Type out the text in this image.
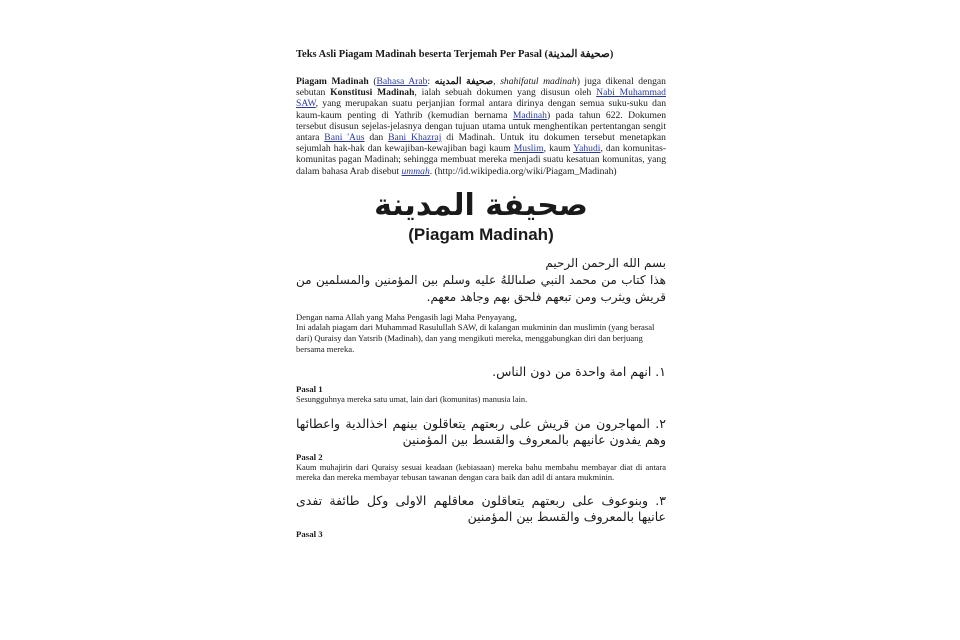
Teks Asli Piagam Madinah beserta Terjemah Per Pasal (صحيفة المدينة)

Piagam Madinah (Bahasa Arab: صحيفة المدينه, shahifatul madinah) juga dikenal dengan sebutan Konstitusi Madinah, ialah sebuah dokumen yang disusun oleh Nabi Muhammad SAW, yang merupakan suatu perjanjian formal antara dirinya dengan semua suku-suku dan kaum-kaum penting di Yathrib (kemudian bernama Madinah) pada tahun 622. Dokumen tersebut disusun sejelas-jelasnya dengan tujuan utama untuk menghentikan pertentangan sengit antara Bani 'Aus dan Bani Khazraj di Madinah. Untuk itu dokumen tersebut menetapkan sejumlah hak-hak dan kewajiban-kewajiban bagi kaum Muslim, kaum Yahudi, dan komunitas-komunitas pagan Madinah; sehingga membuat mereka menjadi suatu kesatuan komunitas, yang dalam bahasa Arab disebut ummah. (http://id.wikipedia.org/wiki/Piagam_Madinah)

صحيفة المدينة
(Piagam Madinah)

بسم الله الرحمن الرحيم

هذا كتاب من محمد النبي صلىاللهُ عليه وسلم بين المؤمنين والمسلمين من قريش ويثرب ومن تبعهم فلحق بهم وجاهد معهم.

Dengan nama Allah yang Maha Pengasih lagi Maha Penyayang,

Ini adalah piagam dari Muhammad Rasulullah SAW, di kalangan mukminin dan muslimin (yang berasal dari) Quraisy dan Yatsrib (Madinah), dan yang mengikuti mereka, menggabungkan diri dan berjuang bersama mereka.

١. انهم امة واحدة من دون الناس.

Pasal 1

Sesungguhnya mereka satu umat, lain dari (komunitas) manusia lain.

٢. المهاجرون من قريش على ربعتهم يتعاقلون بينهم اخذالدية واعطائها وهم يفدون عانيهم بالمعروف والقسط بين المؤمنين

Pasal 2

Kaum muhajirin dari Quraisy sesuai keadaan (kebiasaan) mereka bahu membahu membayar diat di antara mereka dan mereka membayar tebusan tawanan dengan cara baik dan adil di antara mukminin.

٣. وبنوعوف على ربعتهم يتعاقلون معاقلهم الاولى وكل طائفة تفدى عانيها بالمعروف والقسط بين المؤمنين

Pasal 3
